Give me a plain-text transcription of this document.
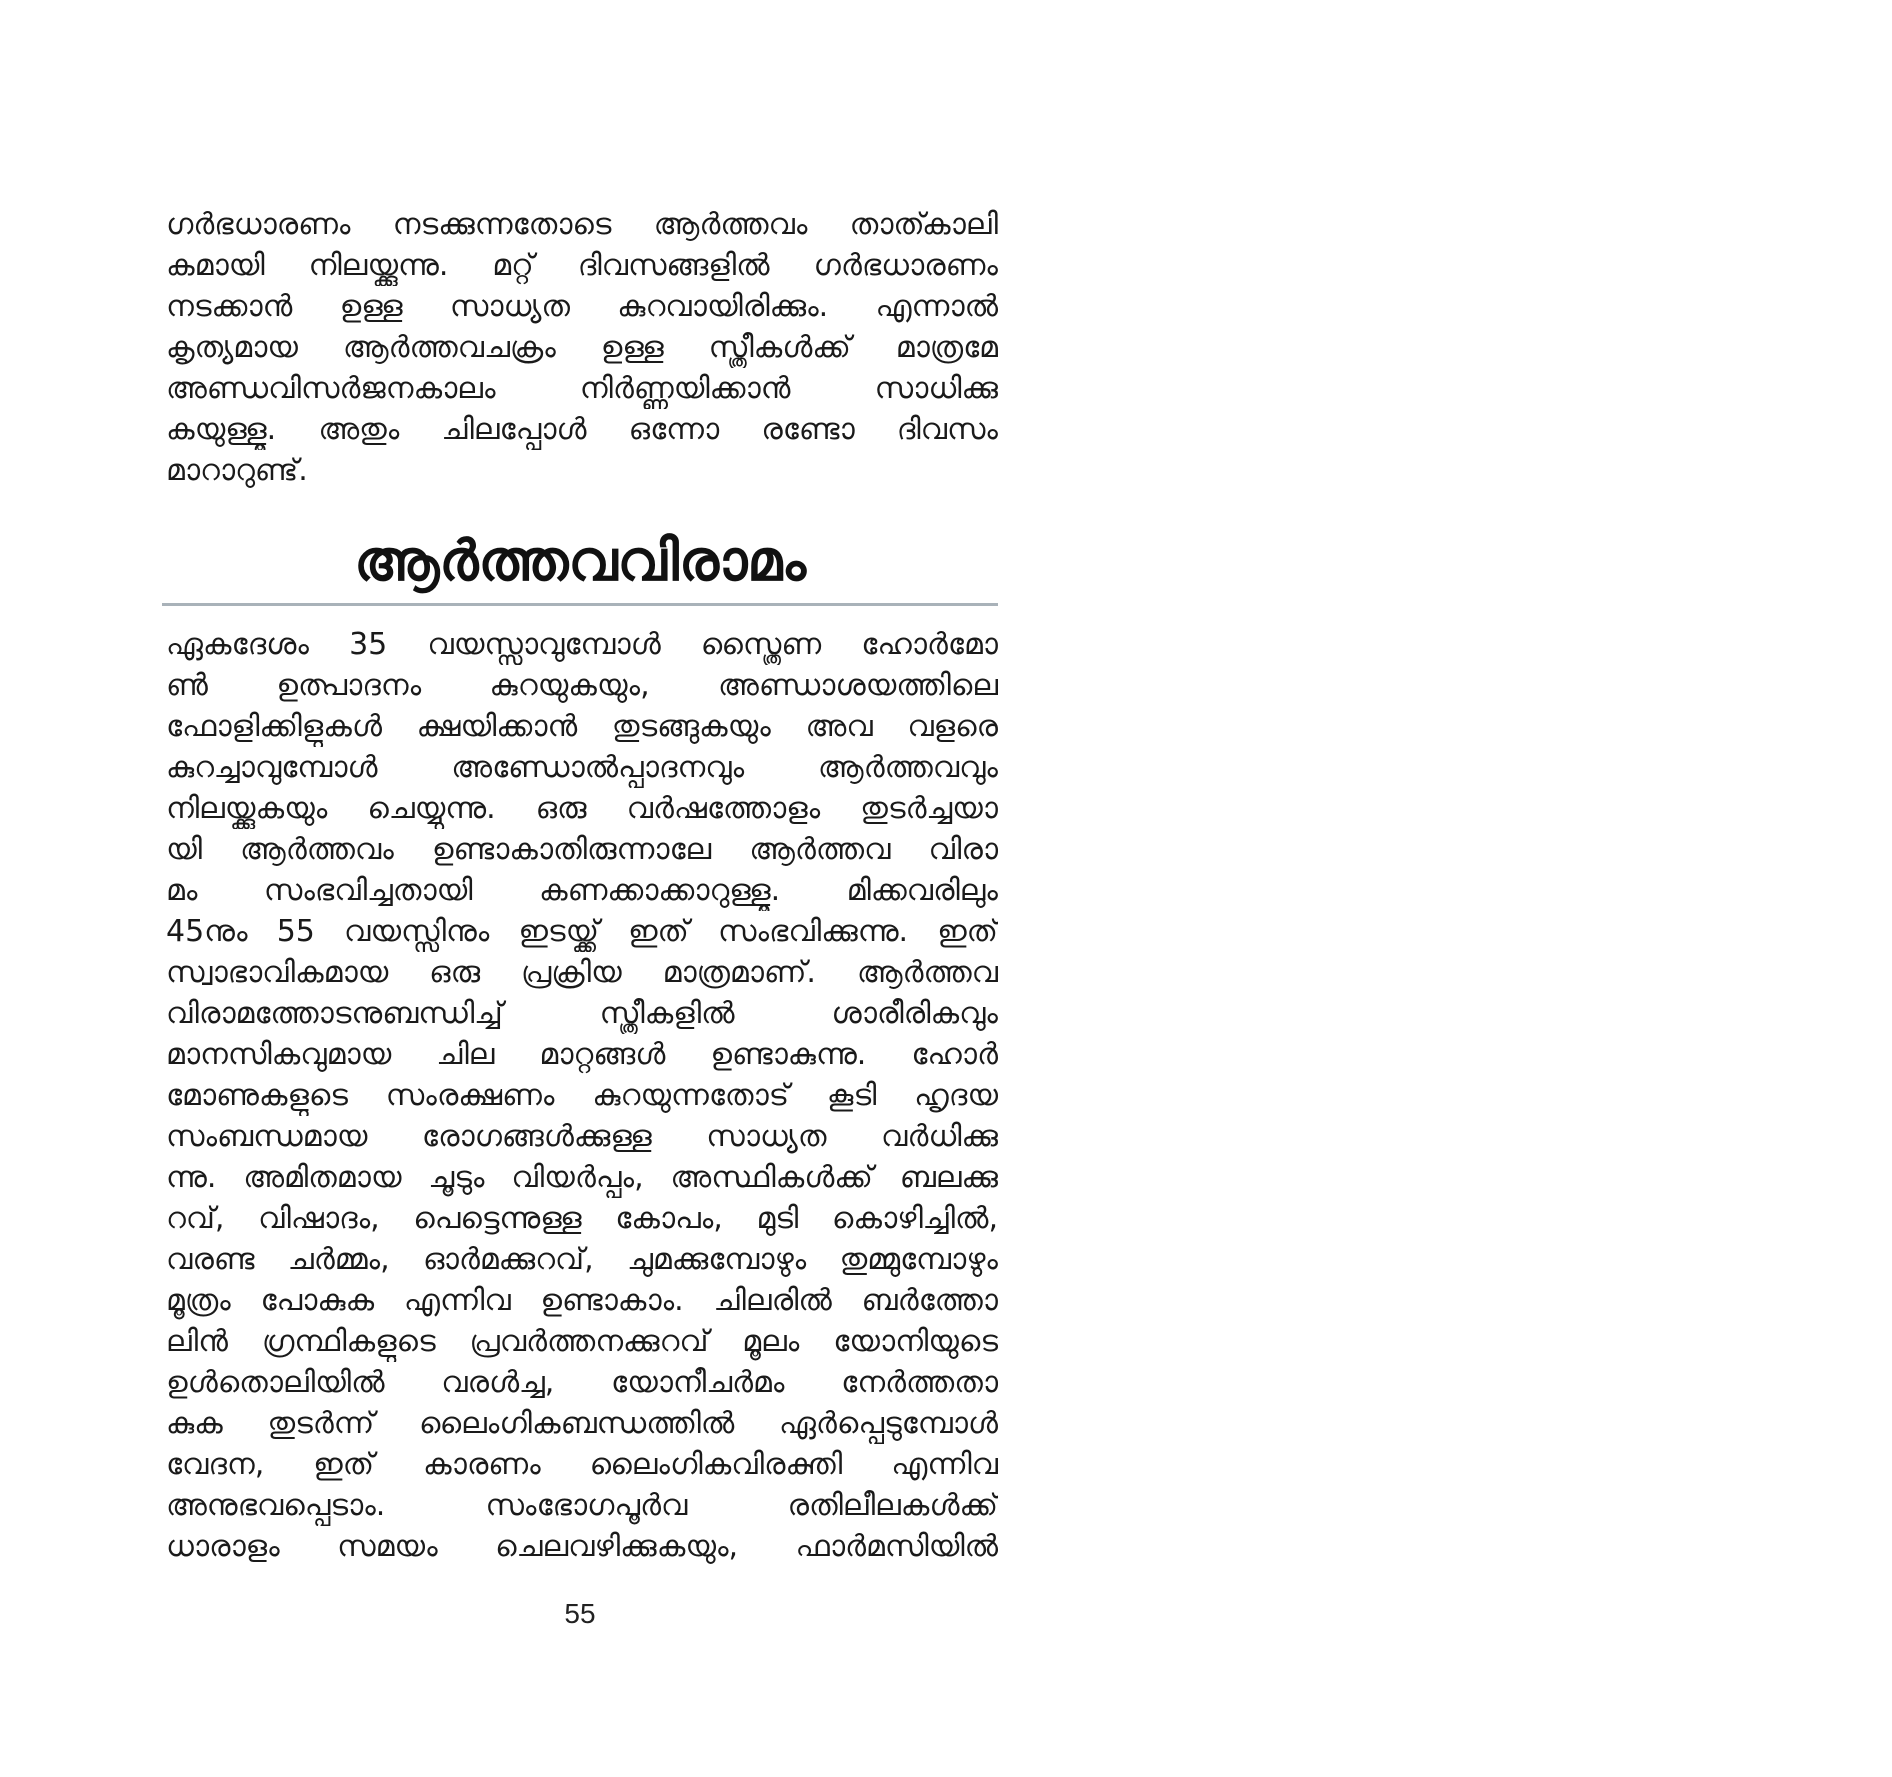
ഗർഭധാരണം നടക്കുന്നതോടെ ആർത്തവം താത്കാലി
കമായി നിലയ്ക്കുന്നു. മറ്റ് ദിവസങ്ങളിൽ ഗർഭധാരണം
നടക്കാൻ ഉള്ള സാധ്യത കുറവായിരിക്കും. എന്നാൽ
കൃത്യമായ ആർത്തവചക്രം ഉള്ള സ്ത്രീകൾക്ക് മാത്രമേ
അണ്ഡവിസർജനകാലം നിർണ്ണയിക്കാൻ സാധിക്കു
കയുള്ളൂ. അതും ചിലപ്പോൾ ഒന്നോ രണ്ടോ ദിവസം
മാറാറുണ്ട്.
ആർത്തവവിരാമം
ഏകദേശം 35 വയസ്സാവുമ്പോൾ സ്ത്രൈണ ഹോർമോ
ൺ ഉത്പാദനം കുറയുകയും, അണ്ഡാശയത്തിലെ
ഫോളിക്കിളുകൾ ക്ഷയിക്കാൻ തുടങ്ങുകയും അവ വളരെ
കുറച്ചാവുമ്പോൾ അണ്ഡോൽപ്പാദനവും ആർത്തവവും
നിലയ്ക്കുകയും ചെയ്യുന്നു. ഒരു വർഷത്തോളം തുടർച്ചയാ
യി ആർത്തവം ഉണ്ടാകാതിരുന്നാലേ ആർത്തവ വിരാ
മം സംഭവിച്ചതായി കണക്കാക്കാറുള്ളൂ. മിക്കവരിലും
45നും 55 വയസ്സിനും ഇടയ്ക്ക് ഇത് സംഭവിക്കുന്നു. ഇത്
സ്വാഭാവികമായ ഒരു പ്രക്രിയ മാത്രമാണ്. ആർത്തവ
വിരാമത്തോടനുബന്ധിച്ച് സ്ത്രീകളിൽ ശാരീരികവും
മാനസികവുമായ ചില മാറ്റങ്ങൾ ഉണ്ടാകുന്നു. ഹോർ
മോണുകളുടെ സംരക്ഷണം കുറയുന്നതോട് കൂടി ഹൃദയ
സംബന്ധമായ രോഗങ്ങൾക്കുള്ള സാധ്യത വർധിക്കു
ന്നു. അമിതമായ ചൂടും വിയർപ്പും, അസ്ഥികൾക്ക് ബലക്കു
റവ്, വിഷാദം, പെട്ടെന്നുള്ള കോപം, മുടി കൊഴിച്ചിൽ,
വരണ്ട ചർമ്മം, ഓർമക്കുറവ്, ചുമക്കുമ്പോഴും തുമ്മുമ്പോഴും
മൂത്രം പോകുക എന്നിവ ഉണ്ടാകാം. ചിലരിൽ ബർത്തോ
ലിൻ ഗ്രന്ഥികളുടെ പ്രവർത്തനക്കുറവ് മൂലം യോനിയുടെ
ഉൾതൊലിയിൽ വരൾച്ച, യോനീചർമം നേർത്തതാ
കുക തുടർന്ന് ലൈംഗികബന്ധത്തിൽ ഏർപ്പെടുമ്പോൾ
വേദന, ഇത് കാരണം ലൈംഗികവിരക്തി എന്നിവ
അനുഭവപ്പെടാം. സംഭോഗപൂർവ രതിലീലകൾക്ക്
ധാരാളം സമയം ചെലവഴിക്കുകയും, ഫാർമസിയിൽ
55
